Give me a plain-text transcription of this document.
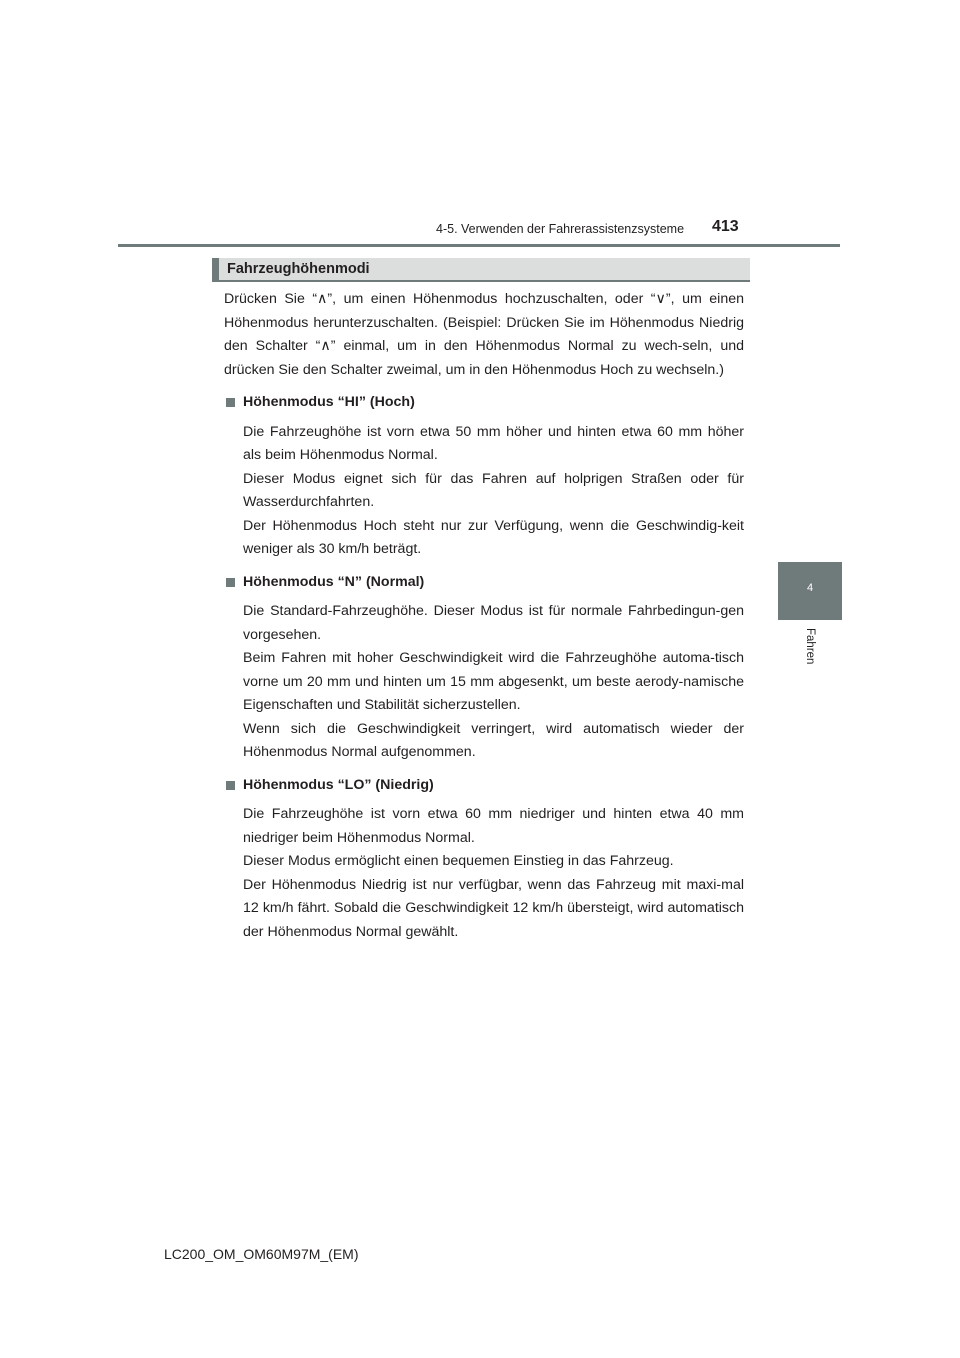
4-5. Verwenden der Fahrerassistenzsysteme	413
4
Fahren
Fahrzeughöhenmodi

Drücken Sie “∧”, um einen Höhenmodus hochzuschalten, oder “∨”, um einen Höhenmodus herunterzuschalten. (Beispiel: Drücken Sie im Höhenmodus Niedrig den Schalter “∧” einmal, um in den Höhenmodus Normal zu wech-seln, und drücken Sie den Schalter zweimal, um in den Höhenmodus Hoch zu wechseln.)

Höhenmodus “HI” (Hoch)

Die Fahrzeughöhe ist vorn etwa 50 mm höher und hinten etwa 60 mm höher als beim Höhenmodus Normal.

Dieser Modus eignet sich für das Fahren auf holprigen Straßen oder für Wasserdurchfahrten.

Der Höhenmodus Hoch steht nur zur Verfügung, wenn die Geschwindig-keit weniger als 30 km/h beträgt.

Höhenmodus “N” (Normal)

Die Standard-Fahrzeughöhe. Dieser Modus ist für normale Fahrbedingun-gen vorgesehen.

Beim Fahren mit hoher Geschwindigkeit wird die Fahrzeughöhe automa-tisch vorne um 20 mm und hinten um 15 mm abgesenkt, um beste aerody-namische Eigenschaften und Stabilität sicherzustellen.

Wenn sich die Geschwindigkeit verringert, wird automatisch wieder der Höhenmodus Normal aufgenommen.

Höhenmodus “LO” (Niedrig)

Die Fahrzeughöhe ist vorn etwa 60 mm niedriger und hinten etwa 40 mm niedriger beim Höhenmodus Normal.

Dieser Modus ermöglicht einen bequemen Einstieg in das Fahrzeug.

Der Höhenmodus Niedrig ist nur verfügbar, wenn das Fahrzeug mit maxi-mal 12 km/h fährt. Sobald die Geschwindigkeit 12 km/h übersteigt, wird automatisch der Höhenmodus Normal gewählt.

LC200_OM_OM60M97M_(EM)
